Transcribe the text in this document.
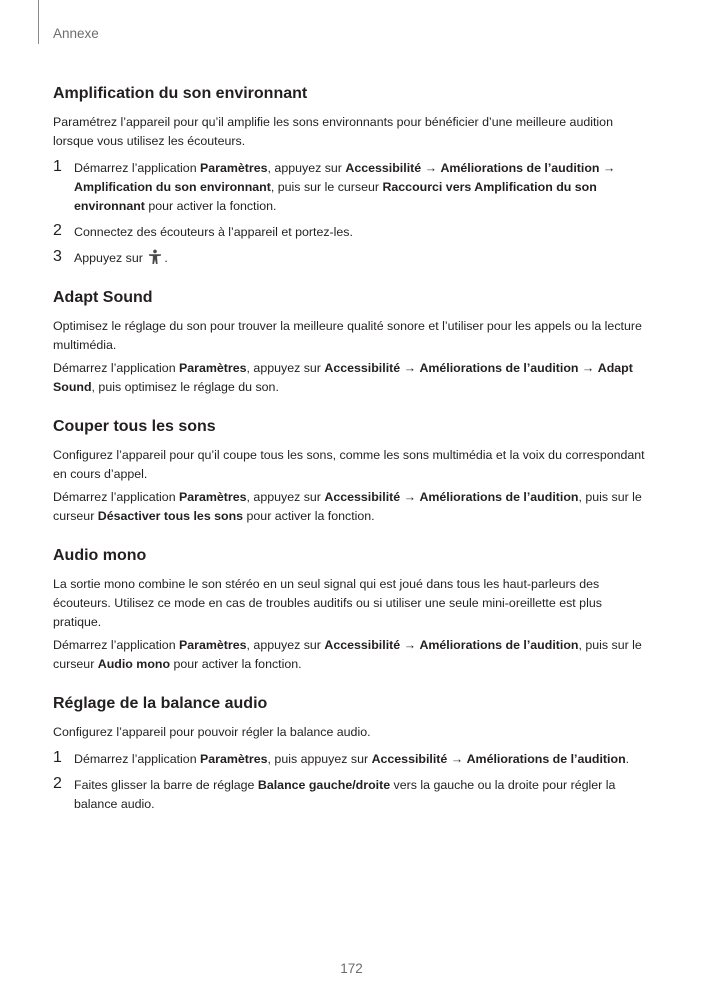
Annexe
Amplification du son environnant

Paramétrez l’appareil pour qu’il amplifie les sons environnants pour bénéficier d’une meilleure audition lorsque vous utilisez les écouteurs.

1 Démarrez l’application Paramètres, appuyez sur Accessibilité → Améliorations de l’audition → Amplification du son environnant, puis sur le curseur Raccourci vers Amplification du son environnant pour activer la fonction.
2 Connectez des écouteurs à l’appareil et portez-les.
3 Appuyez sur .
Adapt Sound

Optimisez le réglage du son pour trouver la meilleure qualité sonore et l’utiliser pour les appels ou la lecture multimédia.

Démarrez l’application Paramètres, appuyez sur Accessibilité → Améliorations de l’audition → Adapt Sound, puis optimisez le réglage du son.

Couper tous les sons

Configurez l’appareil pour qu’il coupe tous les sons, comme les sons multimédia et la voix du correspondant en cours d’appel.

Démarrez l’application Paramètres, appuyez sur Accessibilité → Améliorations de l’audition, puis sur le curseur Désactiver tous les sons pour activer la fonction.

Audio mono

La sortie mono combine le son stéréo en un seul signal qui est joué dans tous les haut-parleurs des écouteurs. Utilisez ce mode en cas de troubles auditifs ou si utiliser une seule mini-oreillette est plus pratique.

Démarrez l’application Paramètres, appuyez sur Accessibilité → Améliorations de l’audition, puis sur le curseur Audio mono pour activer la fonction.

Réglage de la balance audio

Configurez l’appareil pour pouvoir régler la balance audio.

1 Démarrez l’application Paramètres, puis appuyez sur Accessibilité → Améliorations de l’audition.
2 Faites glisser la barre de réglage Balance gauche/droite vers la gauche ou la droite pour régler la balance audio.
172
